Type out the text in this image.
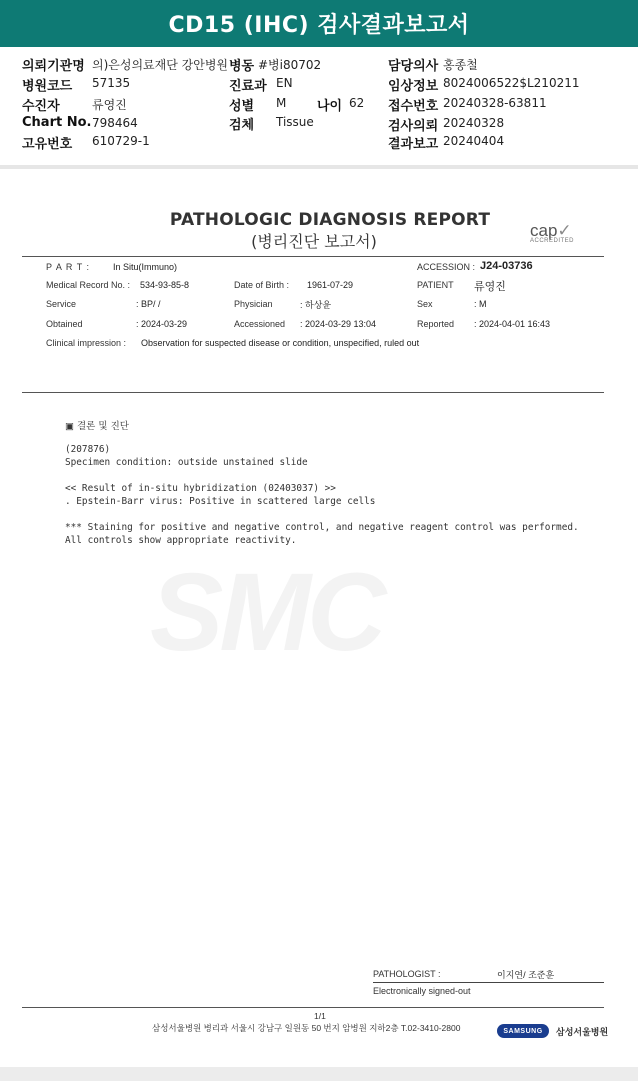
CD15 (IHC) 검사결과보고서
의뢰기관명 의)은성의료재단 강안병원 병동 #병i80702	담당의사 홍종철
병원코드 57135	진료과 EN	임상정보 8024006522$L210211
수진자	류영진	성별 M 나이 62 접수번호 20240328-63811
Chart No. 798464	검체 Tissue	검사의뢰 20240328
고유번호 610729-1	결과보고 20240404
SMC
PATHOLOGIC DIAGNOSIS REPORT
(병리진단 보고서)
cap✓
ACCREDITED
P A R T :	In Situ(Immuno)	ACCESSION : J24-03736
Medical Record No. : 534-93-85-8	Date of Birth : 1961-07-29	PATIENT 류영진
Service	: BP/ /	Physician	: 하상윤	Sex	: M
Obtained	: 2024-03-29	Accessioned : 2024-03-29 13:04	Reported : 2024-04-01 16:43
Clinical impression : Observation for suspected disease or condition, unspecified, ruled out
▣ 결론 및 진단
(207876)
Specimen condition: outside unstained slide
<< Result of in-situ hybridization (02403037) >>
. Epstein-Barr virus: Positive in scattered large cells
*** Staining for positive and negative control, and negative reagent control was performed.
All controls show appropriate reactivity.
PATHOLOGIST :	이지연/ 조준훈
Electronically signed-out
1/1
삼성서울병원 병리과 서울시 강남구 일원동 50 번지 암병원 지하2층 T.02-3410-2800	SAMSUNG 삼성서울병원
